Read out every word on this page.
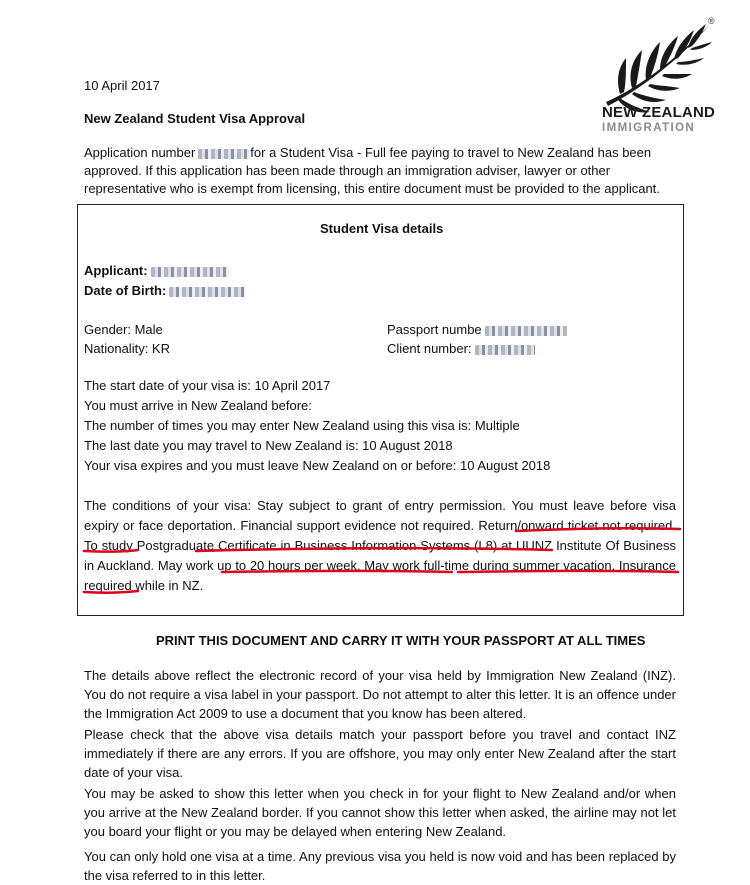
®
NEW ZEALAND
IMMIGRATION
10 April 2017
New Zealand Student Visa Approval
Application number	for a Student Visa - Full fee paying to travel to New Zealand has been
approved. If this application has been made through an immigration adviser, lawyer or other
representative who is exempt from licensing, this entire document must be provided to the applicant.
Student Visa details
Applicant:
Date of Birth:
Gender: Male
Nationality: KR
Passport numbe
Client number:
The start date of your visa is: 10 April 2017
You must arrive in New Zealand before:
The number of times you may enter New Zealand using this visa is: Multiple
The last date you may travel to New Zealand is: 10 August 2018
Your visa expires and you must leave New Zealand on or before: 10 August 2018
The conditions of your visa: Stay subject to grant of entry permission. You must leave before visa expiry or face deportation. Financial support evidence not required. Return/onward ticket not required. To study Postgraduate Certificate in Business Information Systems (L8) at UUNZ Institute Of Business in Auckland. May work up to 20 hours per week. May work full-time during summer vacation. Insurance required while in NZ.
PRINT THIS DOCUMENT AND CARRY IT WITH YOUR PASSPORT AT ALL TIMES
The details above reflect the electronic record of your visa held by Immigration New Zealand (INZ). You do not require a visa label in your passport. Do not attempt to alter this letter. It is an offence under the Immigration Act 2009 to use a document that you know has been altered.
Please check that the above visa details match your passport before you travel and contact INZ immediately if there are any errors. If you are offshore, you may only enter New Zealand after the start date of your visa.
You may be asked to show this letter when you check in for your flight to New Zealand and/or when you arrive at the New Zealand border. If you cannot show this letter when asked, the airline may not let you board your flight or you may be delayed when entering New Zealand.
You can only hold one visa at a time. Any previous visa you held is now void and has been replaced by the visa referred to in this letter.
